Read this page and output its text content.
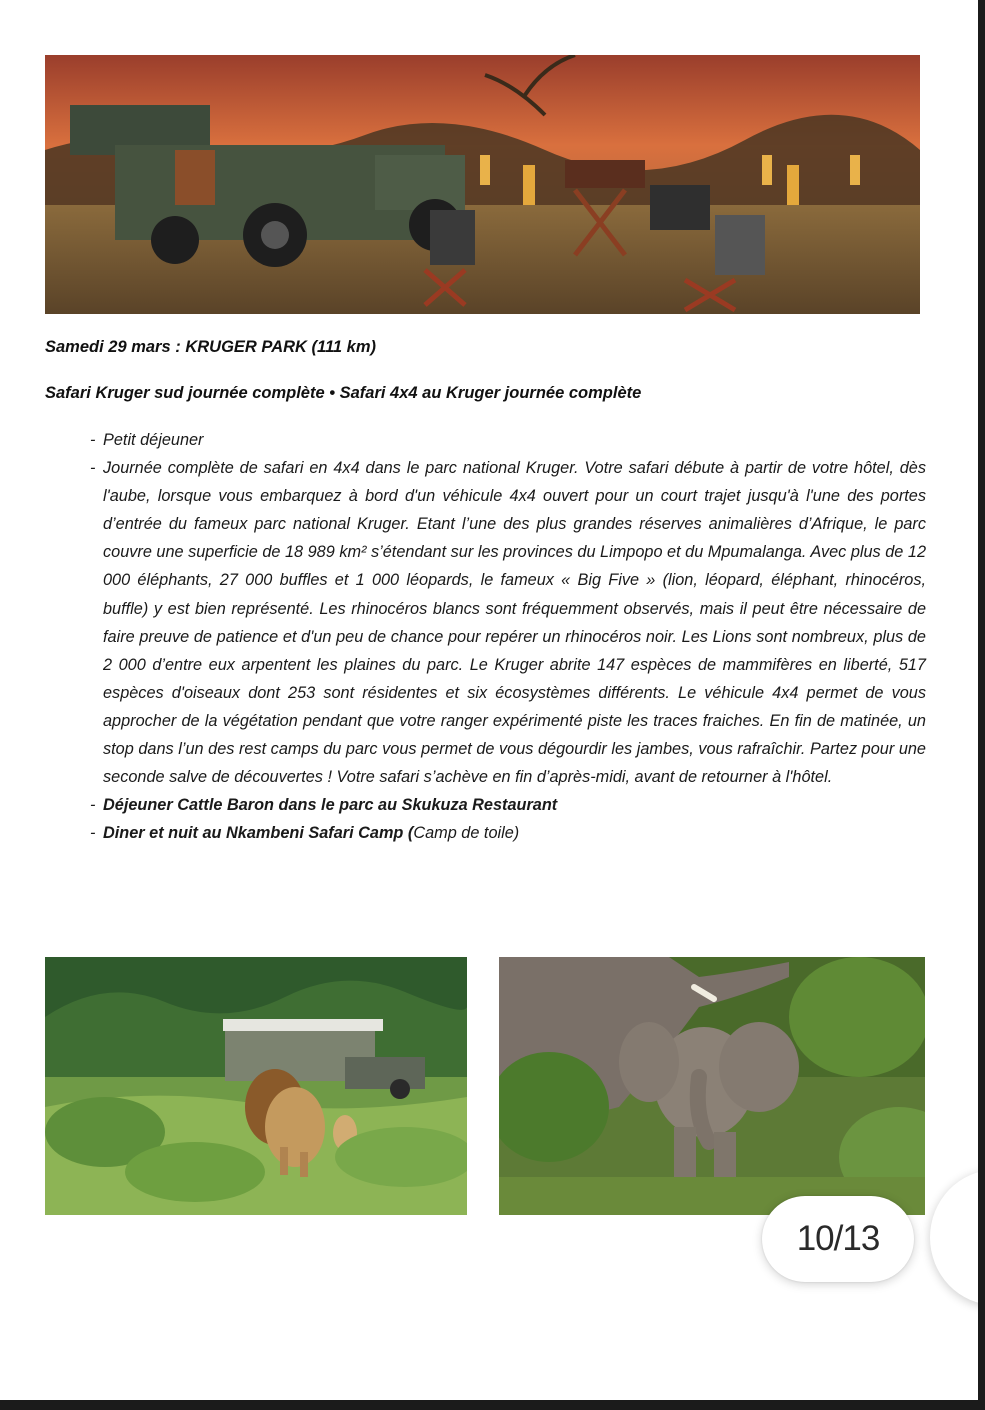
Samedi 29 mars : KRUGER PARK (111 km)
Safari Kruger sud journée complète • Safari 4x4 au Kruger journée complète
- Petit déjeuner
- Journée complète de safari en 4x4 dans le parc national Kruger. Votre safari débute à partir de votre hôtel, dès l'aube, lorsque vous embarquez à bord d'un véhicule 4x4 ouvert pour un court trajet jusqu'à l'une des portes d’entrée du fameux parc national Kruger. Etant l’une des plus grandes réserves animalières d’Afrique, le parc couvre une superficie de 18 989 km² s’étendant sur les provinces du Limpopo et du Mpumalanga. Avec plus de 12 000 éléphants, 27 000 buffles et 1 000 léopards, le fameux « Big Five » (lion, léopard, éléphant, rhinocéros, buffle) y est bien représenté. Les rhinocéros blancs sont fréquemment observés, mais il peut être nécessaire de faire preuve de patience et d'un peu de chance pour repérer un rhinocéros noir. Les Lions sont nombreux, plus de 2 000 d’entre eux arpentent les plaines du parc. Le Kruger abrite 147 espèces de mammifères en liberté, 517 espèces d'oiseaux dont 253 sont résidentes et six écosystèmes différents. Le véhicule 4x4 permet de vous approcher de la végétation pendant que votre ranger expérimenté piste les traces fraiches. En fin de matinée, un stop dans l’un des rest camps du parc vous permet de vous dégourdir les jambes, vous rafraîchir. Partez pour une seconde salve de découvertes ! Votre safari s’achève en fin d’après-midi, avant de retourner à l'hôtel.
- Déjeuner Cattle Baron dans le parc au Skukuza Restaurant
- Diner et nuit au Nkambeni Safari Camp (Camp de toile)
10/13
